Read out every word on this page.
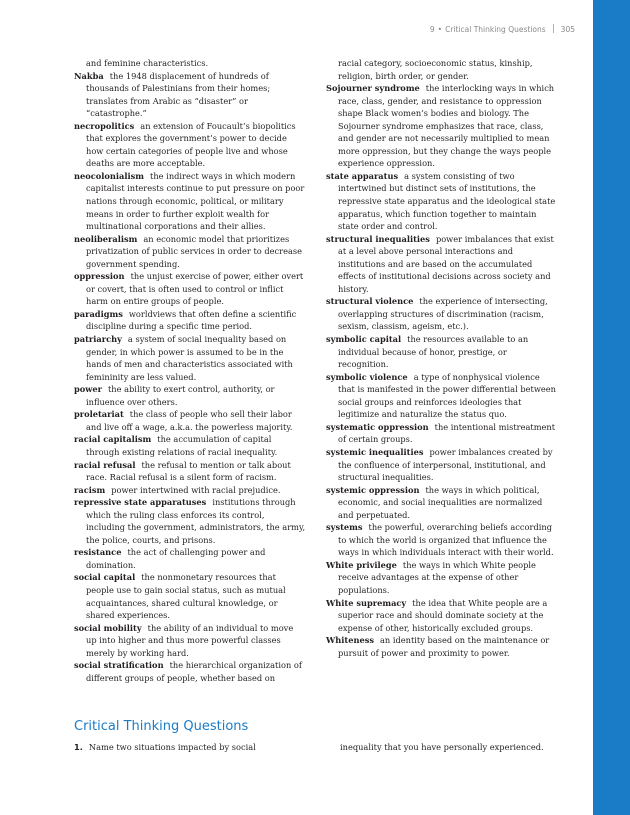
9 • Critical Thinking Questions 305

and feminine characteristics.

Nakba the 1948 displacement of hundreds of thousands of Palestinians from their homes; translates from Arabic as “disaster” or “catastrophe.”

necropolitics an extension of Foucault’s biopolitics that explores the government’s power to decide how certain categories of people live and whose deaths are more acceptable.

neocolonialism the indirect ways in which modern capitalist interests continue to put pressure on poor nations through economic, political, or military means in order to further exploit wealth for multinational corporations and their allies.

neoliberalism an economic model that prioritizes privatization of public services in order to decrease government spending.

oppression the unjust exercise of power, either overt or covert, that is often used to control or inflict harm on entire groups of people.

paradigms worldviews that often define a scientific discipline during a specific time period.

patriarchy a system of social inequality based on gender, in which power is assumed to be in the hands of men and characteristics associated with femininity are less valued.

power the ability to exert control, authority, or influence over others.

proletariat the class of people who sell their labor and live off a wage, a.k.a. the powerless majority.

racial capitalism the accumulation of capital through existing relations of racial inequality.

racial refusal the refusal to mention or talk about race. Racial refusal is a silent form of racism.

racism power intertwined with racial prejudice.

repressive state apparatuses institutions through which the ruling class enforces its control, including the government, administrators, the army, the police, courts, and prisons.

resistance the act of challenging power and domination.

social capital the nonmonetary resources that people use to gain social status, such as mutual acquaintances, shared cultural knowledge, or shared experiences.

social mobility the ability of an individual to move up into higher and thus more powerful classes merely by working hard.

social stratification the hierarchical organization of different groups of people, whether based on

racial category, socioeconomic status, kinship, religion, birth order, or gender.

Sojourner syndrome the interlocking ways in which race, class, gender, and resistance to oppression shape Black women’s bodies and biology. The Sojourner syndrome emphasizes that race, class, and gender are not necessarily multiplied to mean more oppression, but they change the ways people experience oppression.

state apparatus a system consisting of two intertwined but distinct sets of institutions, the repressive state apparatus and the ideological state apparatus, which function together to maintain state order and control.

structural inequalities power imbalances that exist at a level above personal interactions and institutions and are based on the accumulated effects of institutional decisions across society and history.

structural violence the experience of intersecting, overlapping structures of discrimination (racism, sexism, classism, ageism, etc.).

symbolic capital the resources available to an individual because of honor, prestige, or recognition.

symbolic violence a type of nonphysical violence that is manifested in the power differential between social groups and reinforces ideologies that legitimize and naturalize the status quo.

systematic oppression the intentional mistreatment of certain groups.

systemic inequalities power imbalances created by the confluence of interpersonal, institutional, and structural inequalities.

systemic oppression the ways in which political, economic, and social inequalities are normalized and perpetuated.

systems the powerful, overarching beliefs according to which the world is organized that influence the ways in which individuals interact with their world.

White privilege the ways in which White people receive advantages at the expense of other populations.

White supremacy the idea that White people are a superior race and should dominate society at the expense of other, historically excluded groups.

Whiteness an identity based on the maintenance or pursuit of power and proximity to power.

Critical Thinking Questions
1. Name two situations impacted by social	inequality that you have personally experienced.
